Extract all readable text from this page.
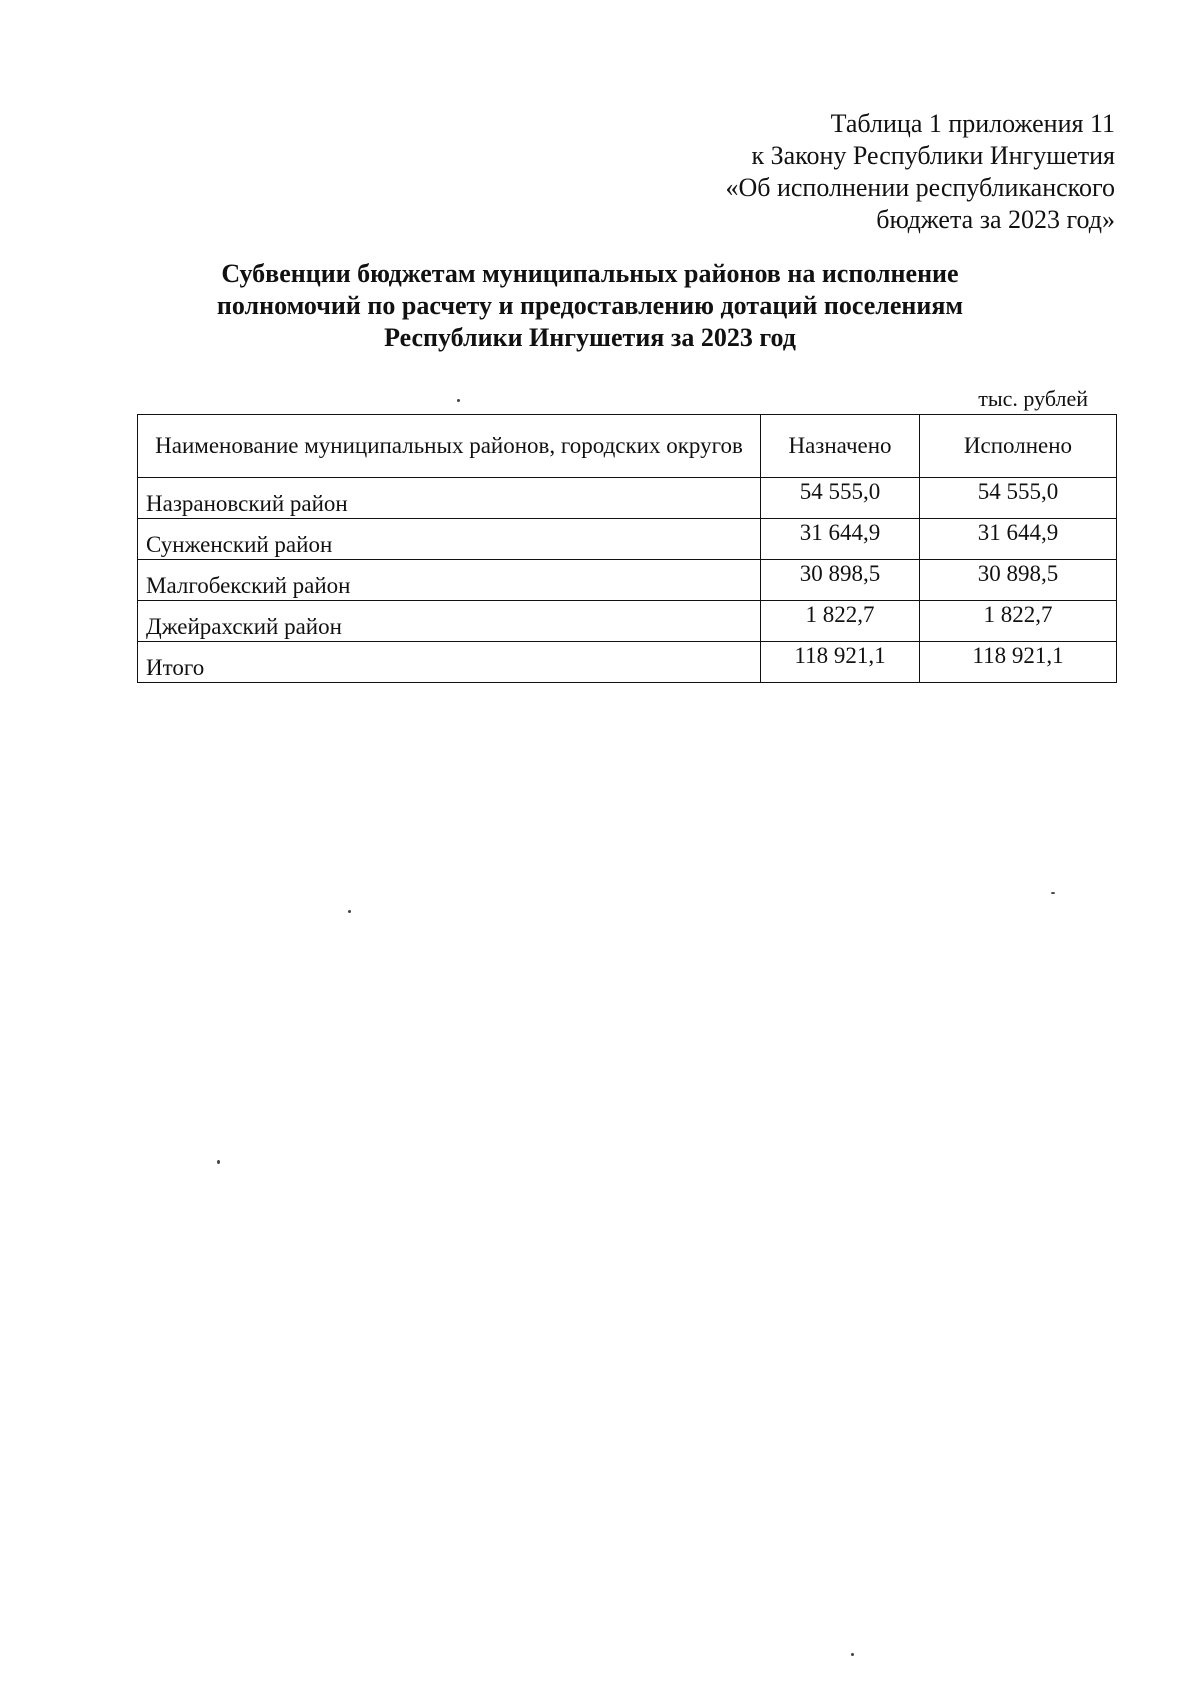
Таблица 1 приложения 11
к Закону Республики Ингушетия
«Об исполнении республиканского
бюджета за 2023 год»
Субвенции бюджетам муниципальных районов на исполнение
полномочий по расчету и предоставлению дотаций поселениям
Республики Ингушетия за 2023 год
тыс. рублей
Наименование муниципальных районов, городских округов	Назначено	Исполнено
Назрановский район	54 555,0	54 555,0
Сунженский район	31 644,9	31 644,9
Малгобекский район	30 898,5	30 898,5
Джейрахский район	1 822,7	1 822,7
Итого	118 921,1	118 921,1
